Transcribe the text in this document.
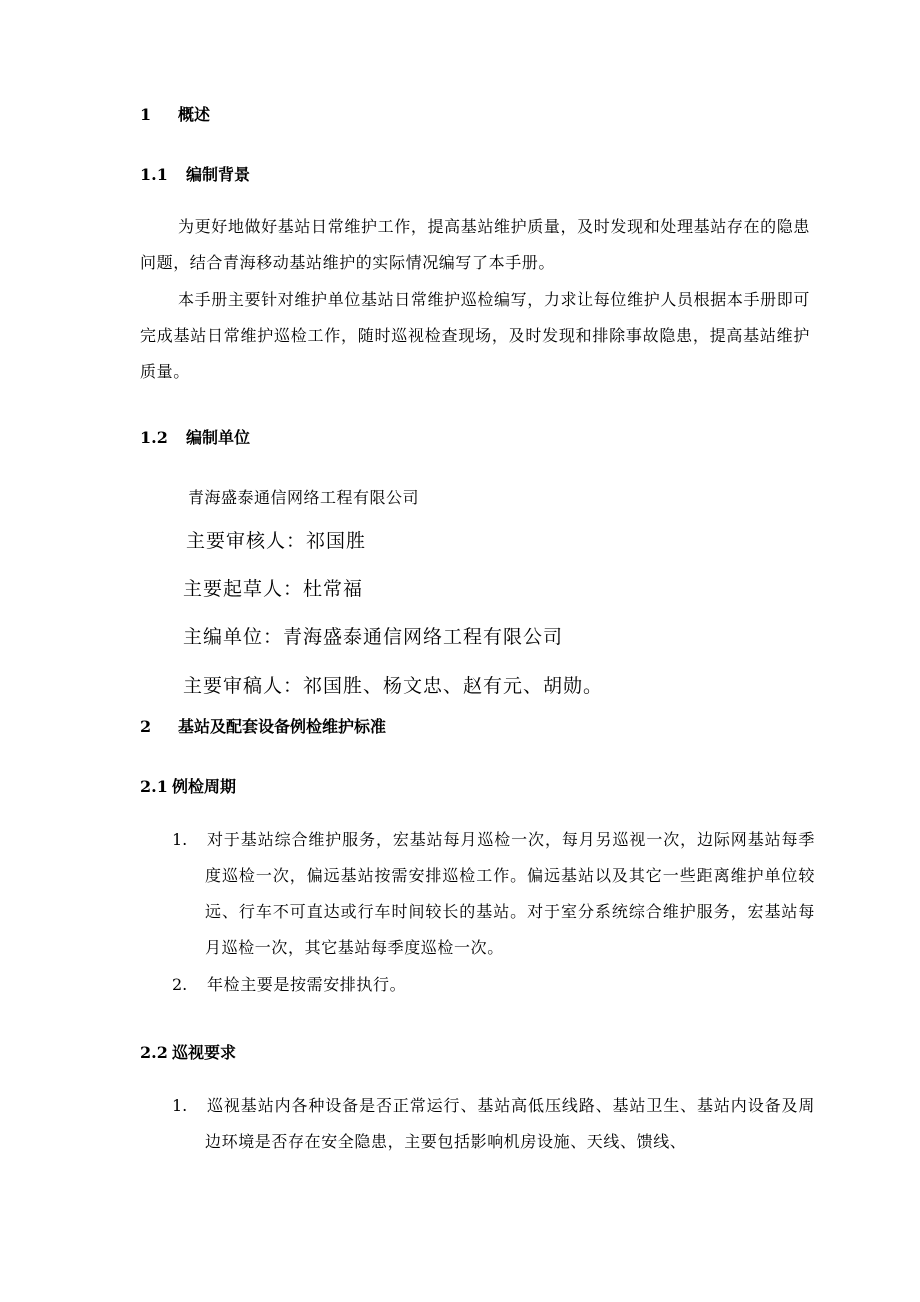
1 概述
1.1 编制背景
为更好地做好基站日常维护工作，提高基站维护质量，及时发现和处理基站存在的隐患问题，结合青海移动基站维护的实际情况编写了本手册。
本手册主要针对维护单位基站日常维护巡检编写，力求让每位维护人员根据本手册即可完成基站日常维护巡检工作，随时巡视检查现场，及时发现和排除事故隐患，提高基站维护质量。
1.2 编制单位
青海盛泰通信网络工程有限公司
主要审核人：祁国胜
主要起草人：杜常福
主编单位：青海盛泰通信网络工程有限公司
主要审稿人：祁国胜、杨文忠、赵有元、胡勋。
2 基站及配套设备例检维护标准
2.1 例检周期
1. 对于基站综合维护服务，宏基站每月巡检一次，每月另巡视一次，边际网基站每季度巡检一次，偏远基站按需安排巡检工作。偏远基站以及其它一些距离维护单位较远、行车不可直达或行车时间较长的基站。对于室分系统综合维护服务，宏基站每月巡检一次，其它基站每季度巡检一次。
2. 年检主要是按需安排执行。
2.2 巡视要求
1. 巡视基站内各种设备是否正常运行、基站高低压线路、基站卫生、基站内设备及周边环境是否存在安全隐患，主要包括影响机房设施、天线、馈线、
